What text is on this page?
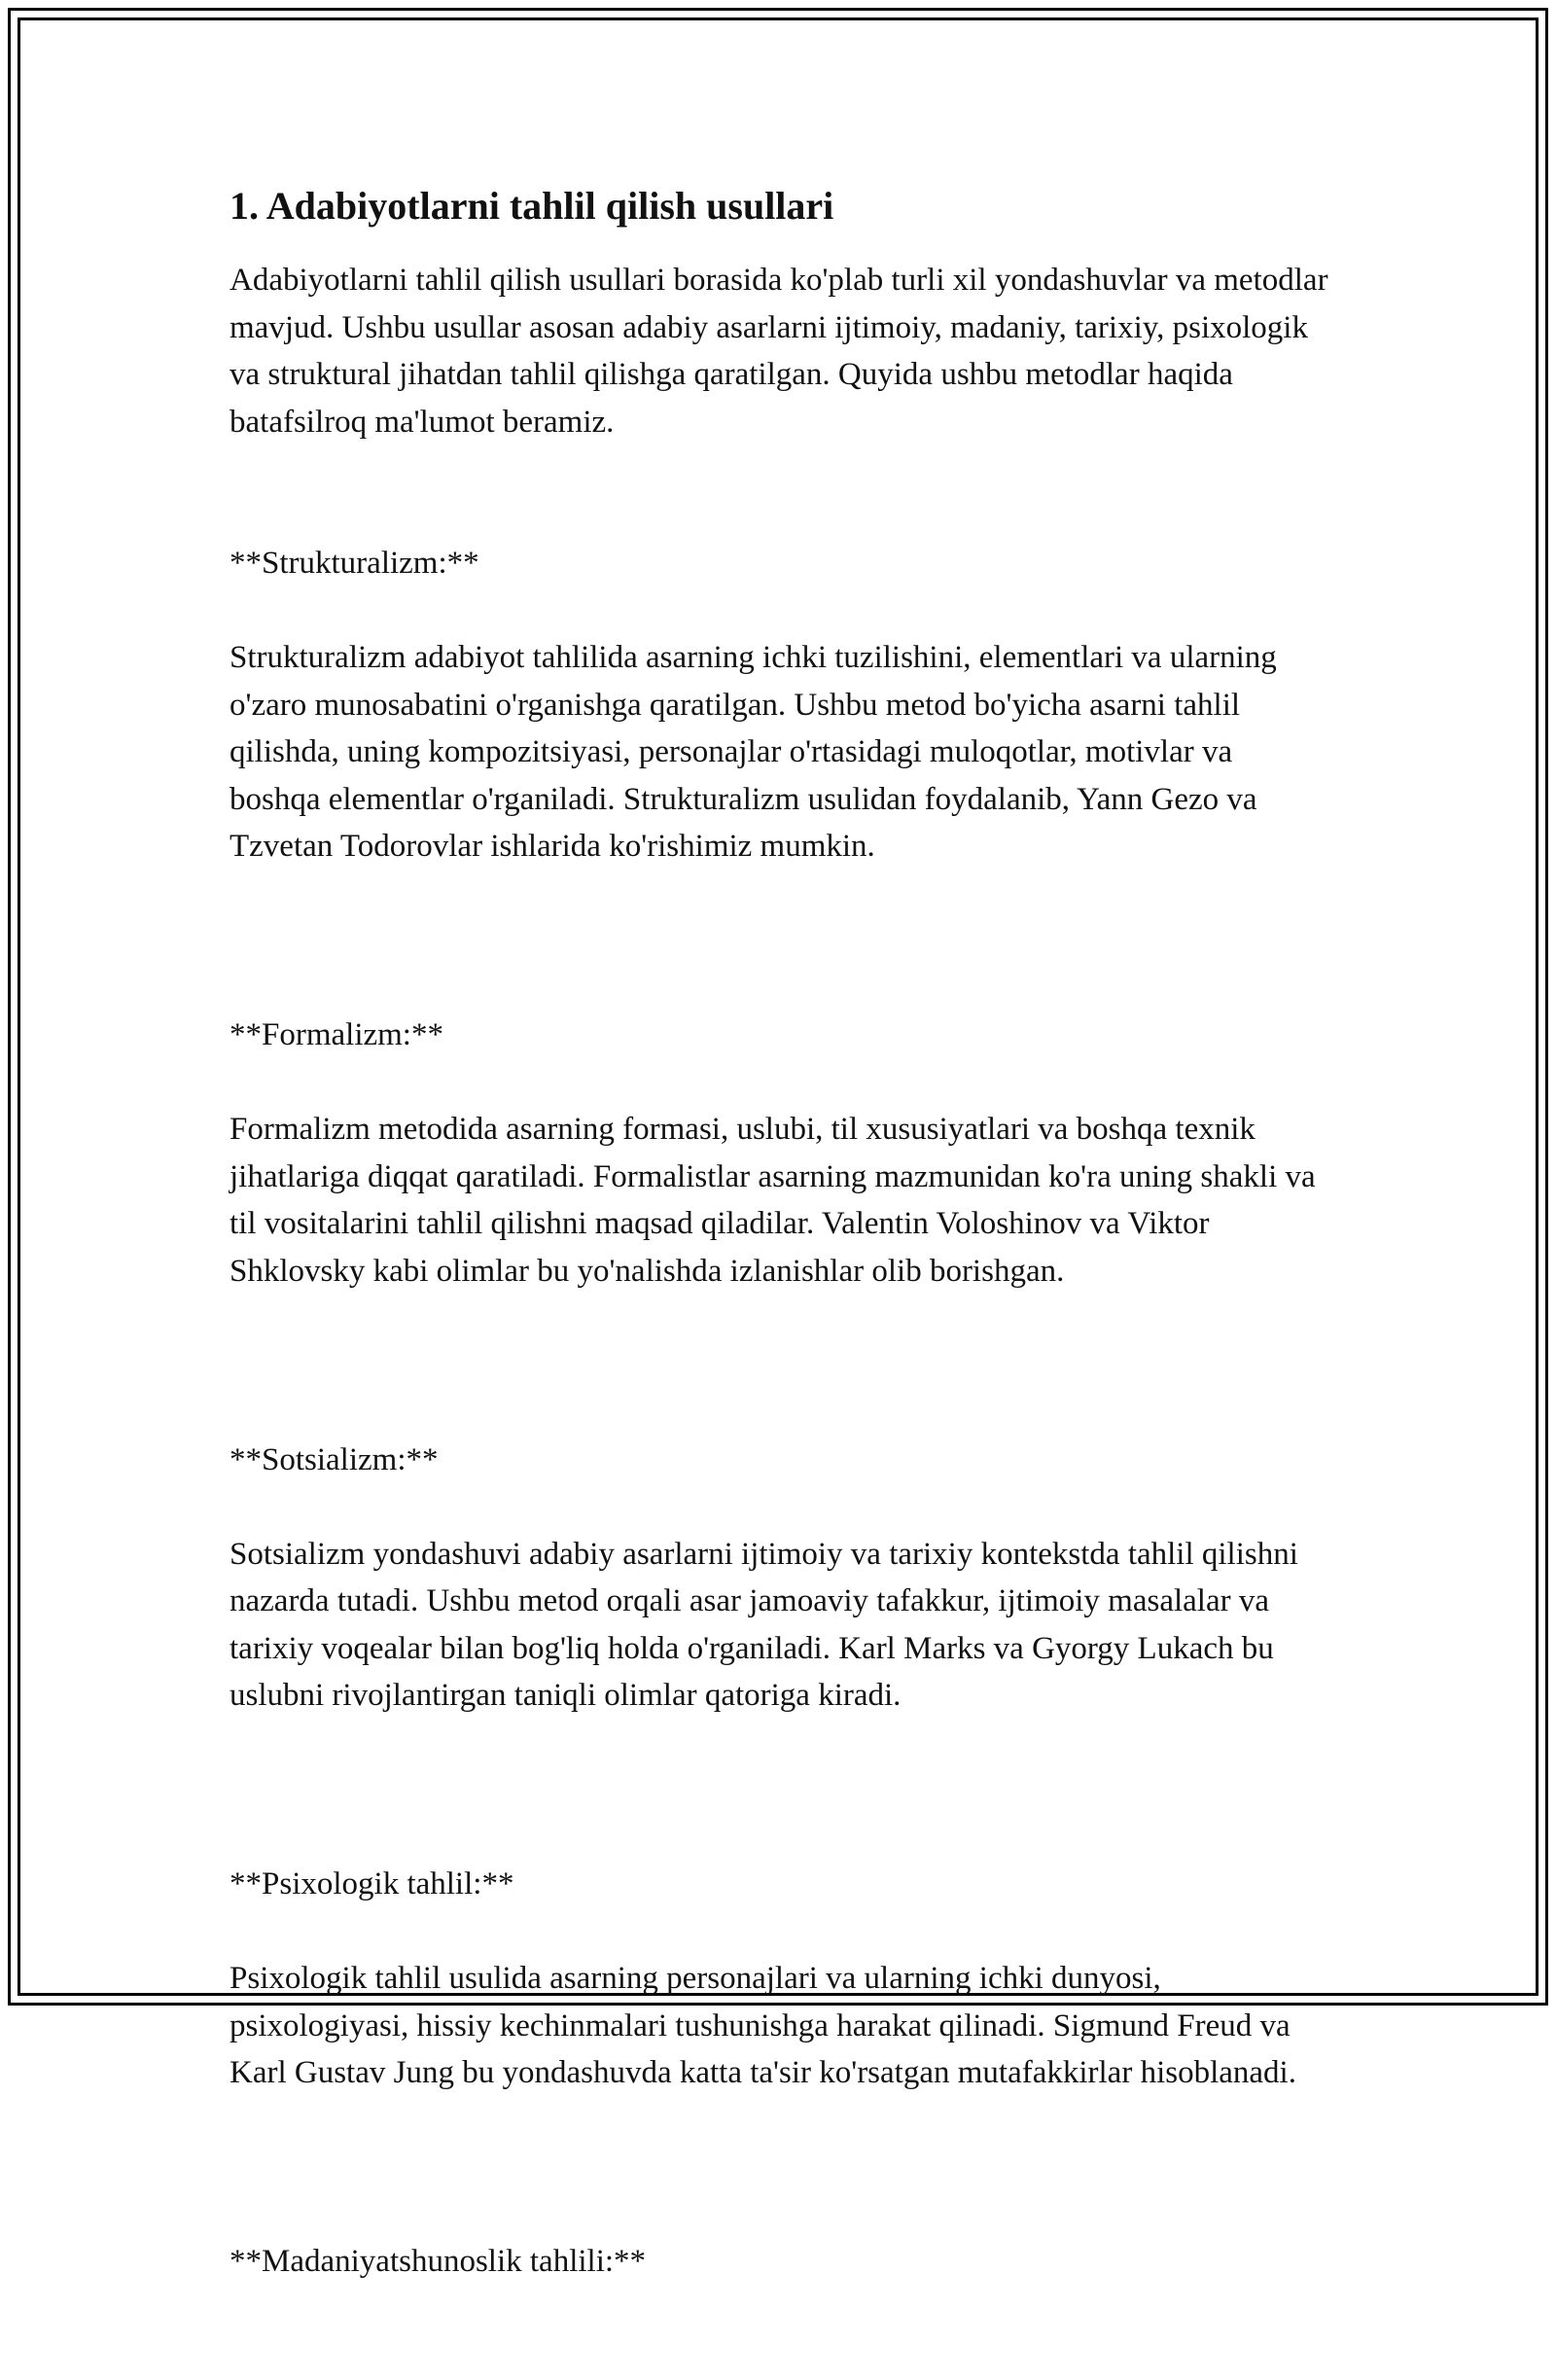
1. Adabiyotlarni tahlil qilish usullari

Adabiyotlarni tahlil qilish usullari borasida ko'plab turli xil yondashuvlar va metodlar mavjud. Ushbu usullar asosan adabiy asarlarni ijtimoiy, madaniy, tarixiy, psixologik va struktural jihatdan tahlil qilishga qaratilgan. Quyida ushbu metodlar haqida batafsilroq ma'lumot beramiz.

**Strukturalizm:**

Strukturalizm adabiyot tahlilida asarning ichki tuzilishini, elementlari va ularning o'zaro munosabatini o'rganishga qaratilgan. Ushbu metod bo'yicha asarni tahlil qilishda, uning kompozitsiyasi, personajlar o'rtasidagi muloqotlar, motivlar va boshqa elementlar o'rganiladi. Strukturalizm usulidan foydalanib, Yann Gezo va Tzvetan Todorovlar ishlarida ko'rishimiz mumkin.

**Formalizm:**

Formalizm metodida asarning formasi, uslubi, til xususiyatlari va boshqa texnik jihatlariga diqqat qaratiladi. Formalistlar asarning mazmunidan ko'ra uning shakli va til vositalarini tahlil qilishni maqsad qiladilar. Valentin Voloshinov va Viktor Shklovsky kabi olimlar bu yo'nalishda izlanishlar olib borishgan.

**Sotsializm:**

Sotsializm yondashuvi adabiy asarlarni ijtimoiy va tarixiy kontekstda tahlil qilishni nazarda tutadi. Ushbu metod orqali asar jamoaviy tafakkur, ijtimoiy masalalar va tarixiy voqealar bilan bog'liq holda o'rganiladi. Karl Marks va Gyorgy Lukach bu uslubni rivojlantirgan taniqli olimlar qatoriga kiradi.

**Psixologik tahlil:**

Psixologik tahlil usulida asarning personajlari va ularning ichki dunyosi, psixologiyasi, hissiy kechinmalari tushunishga harakat qilinadi. Sigmund Freud va Karl Gustav Jung bu yondashuvda katta ta'sir ko'rsatgan mutafakkirlar hisoblanadi.

**Madaniyatshunoslik tahlili:**
